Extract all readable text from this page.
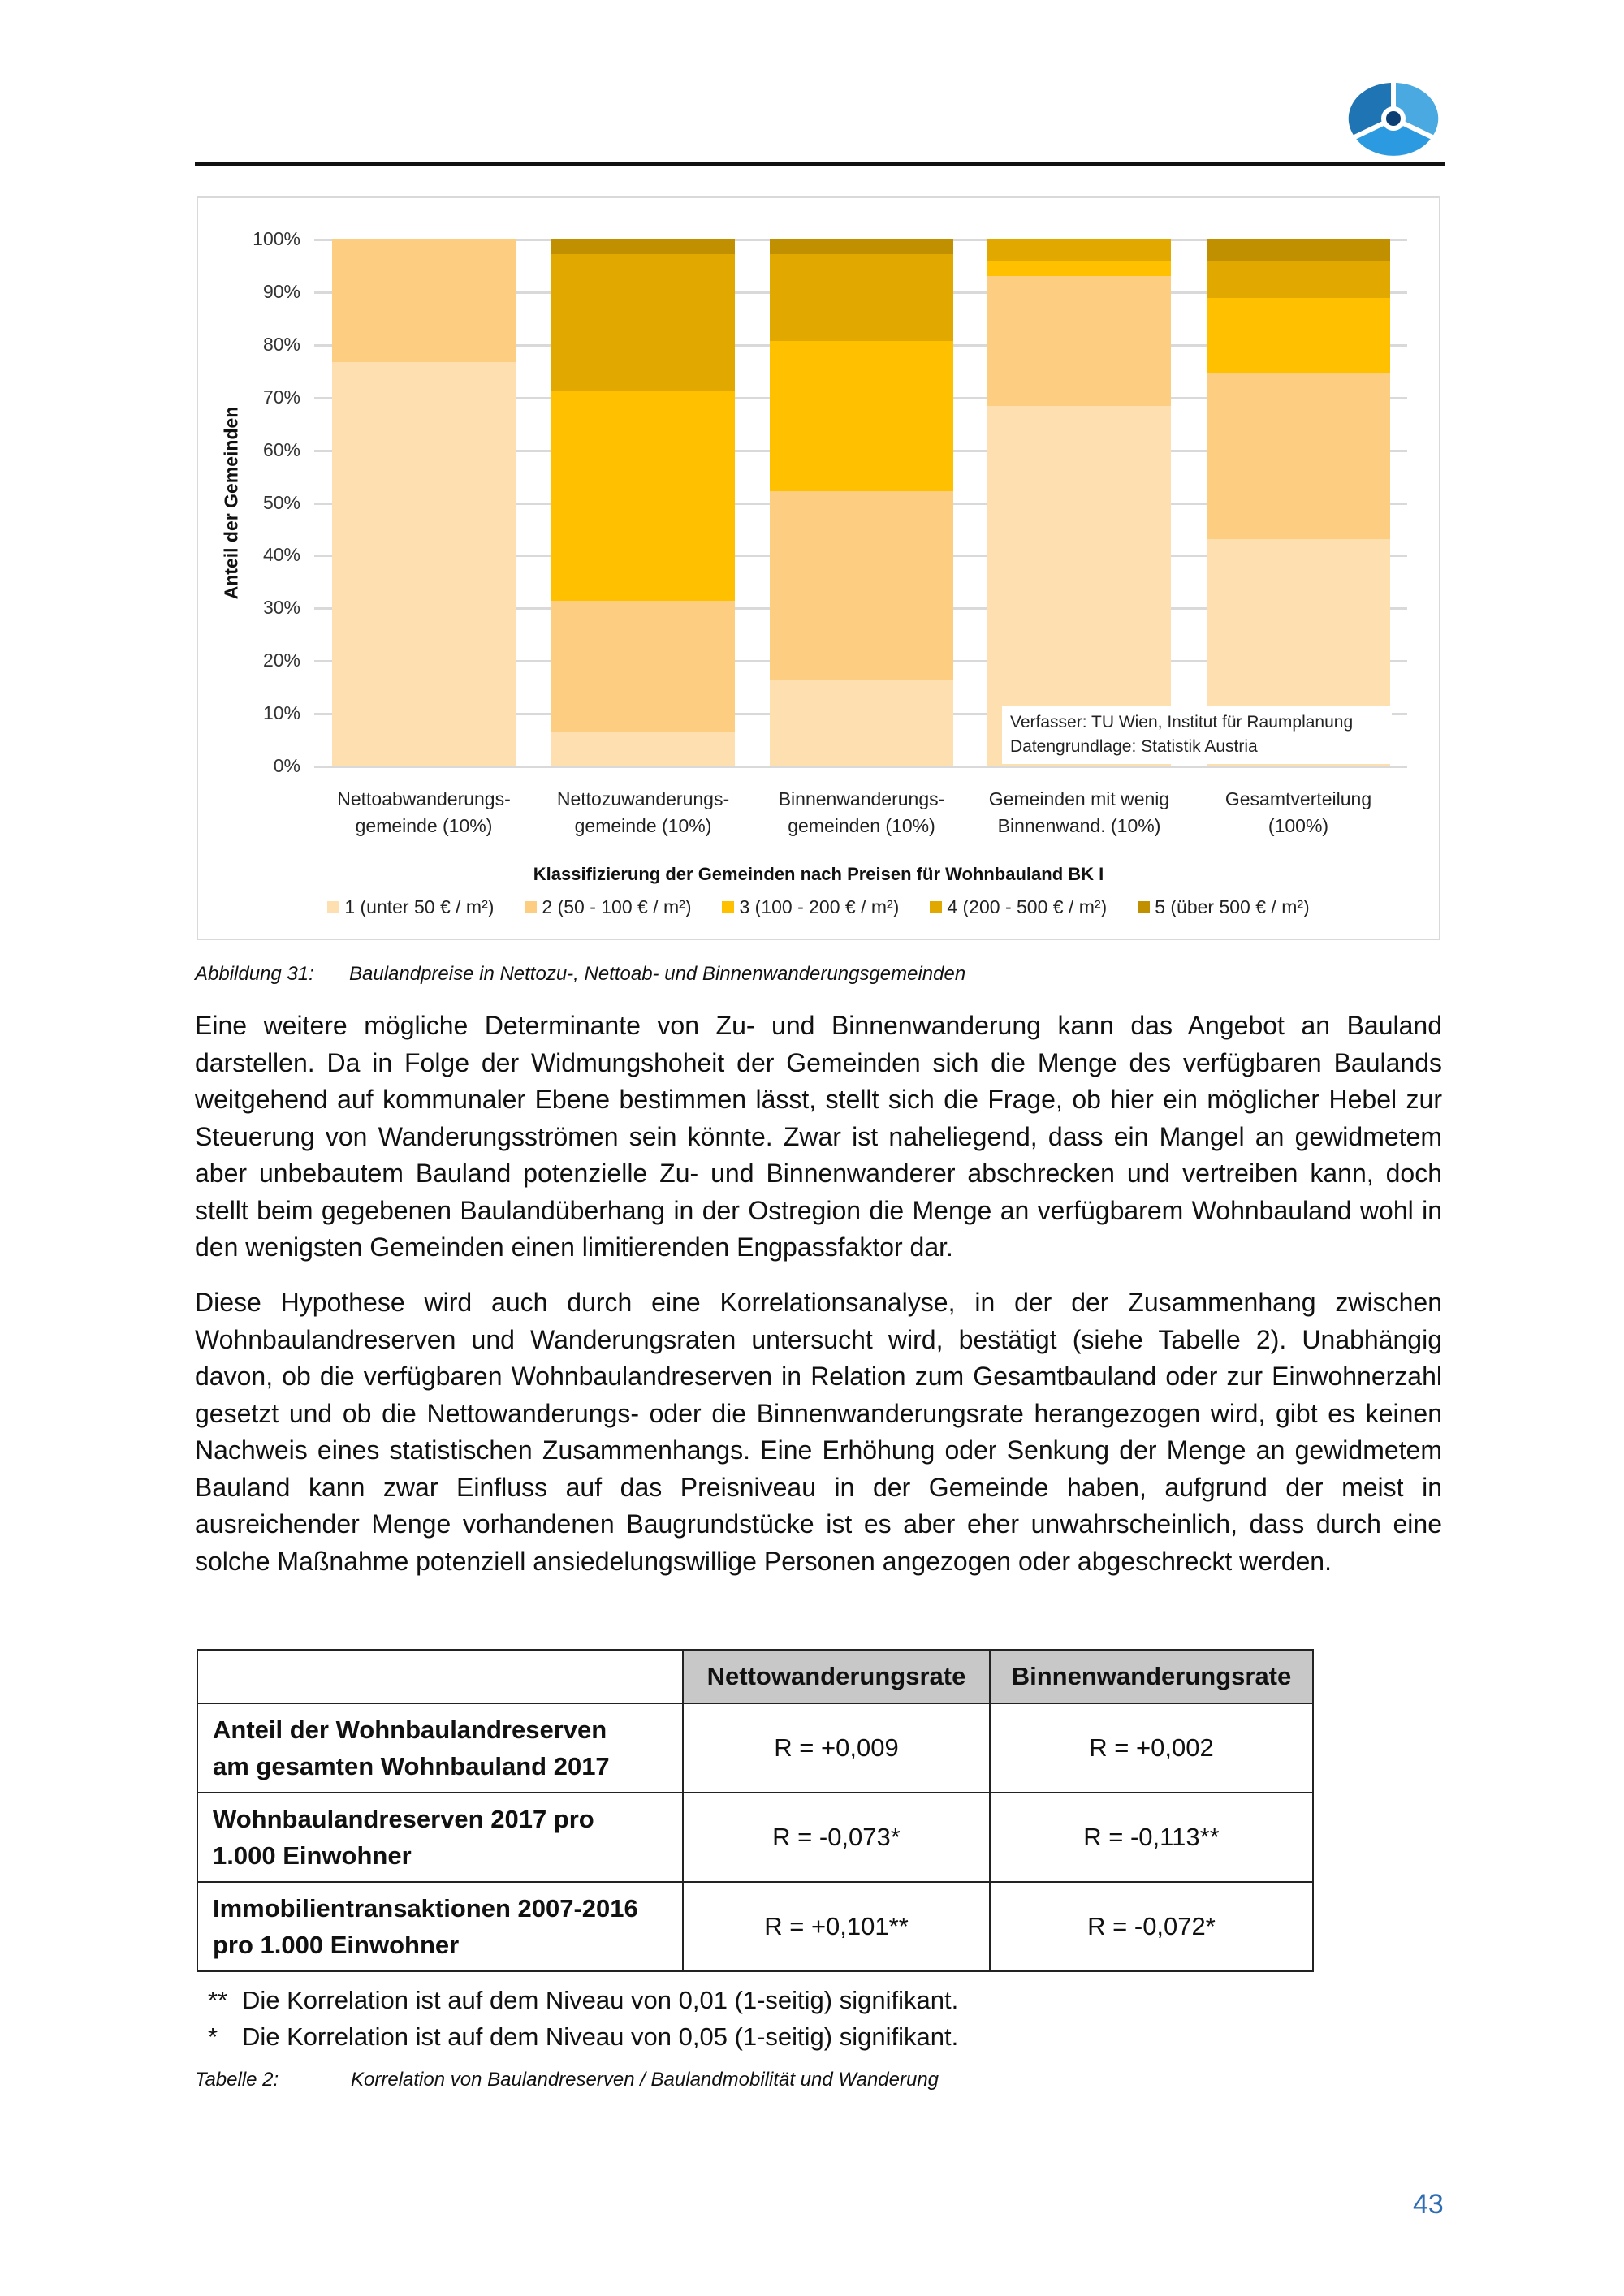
0%
10%
20%
30%
40%
50%
60%
70%
80%
90%
100%
Anteil der Gemeinden
Nettoabwanderungs-
gemeinde (10%)
Nettozuwanderungs-
gemeinde (10%)
Binnenwanderungs-
gemeinden (10%)
Gemeinden mit wenig
Binnenwand. (10%)
Gesamtverteilung
(100%)
Verfasser: TU Wien, Institut für Raumplanung
Datengrundlage: Statistik Austria
Klassifizierung der Gemeinden nach Preisen für Wohnbauland BK I
1 (unter 50 € / m²)	2 (50 - 100 € / m²)	3 (100 - 200 € / m²)	4 (200 - 500 € / m²)	5 (über 500 € / m²)
Abbildung 31: Baulandpreise in Nettozu-, Nettoab- und Binnenwanderungsgemeinden
Eine weitere mögliche Determinante von Zu- und Binnenwanderung kann das Angebot an Bauland darstellen. Da in Folge der Widmungshoheit der Gemeinden sich die Menge des verfügbaren Baulands weitgehend auf kommunaler Ebene bestimmen lässt, stellt sich die Frage, ob hier ein möglicher Hebel zur Steuerung von Wanderungsströmen sein könnte. Zwar ist naheliegend, dass ein Mangel an gewidmetem aber unbebautem Bauland potenzielle Zu- und Binnenwanderer abschrecken und vertreiben kann, doch stellt beim gegebenen Baulandüberhang in der Ostregion die Menge an verfügbarem Wohnbauland wohl in den wenigsten Gemeinden einen limitierenden Engpassfaktor dar.
Diese Hypothese wird auch durch eine Korrelationsanalyse, in der der Zusammenhang zwischen Wohnbaulandreserven und Wanderungsraten untersucht wird, bestätigt (siehe Tabelle 2). Unabhängig davon, ob die verfügbaren Wohnbaulandreserven in Relation zum Gesamtbauland oder zur Einwohnerzahl gesetzt und ob die Nettowanderungs- oder die Binnenwanderungsrate herangezogen wird, gibt es keinen Nachweis eines statistischen Zusammenhangs. Eine Erhöhung oder Senkung der Menge an gewidmetem Bauland kann zwar Einfluss auf das Preisniveau in der Gemeinde haben, aufgrund der meist in ausreichender Menge vorhandenen Baugrundstücke ist es aber eher unwahrscheinlich, dass durch eine solche Maßnahme potenziell ansiedelungswillige Personen angezogen oder abgeschreckt werden.
	Nettowanderungsrate	Binnenwanderungsrate
Anteil der Wohnbaulandreserven
am gesamten Wohnbauland 2017	R = +0,009	R = +0,002
Wohnbaulandreserven 2017 pro
1.000 Einwohner	R = -0,073*	R = -0,113**
Immobilientransaktionen 2007-2016
pro 1.000 Einwohner	R = +0,101**	R = -0,072*
** Die Korrelation ist auf dem Niveau von 0,01 (1-seitig) signifikant.
* Die Korrelation ist auf dem Niveau von 0,05 (1-seitig) signifikant.
Tabelle 2:	Korrelation von Baulandreserven / Baulandmobilität und Wanderung
43
